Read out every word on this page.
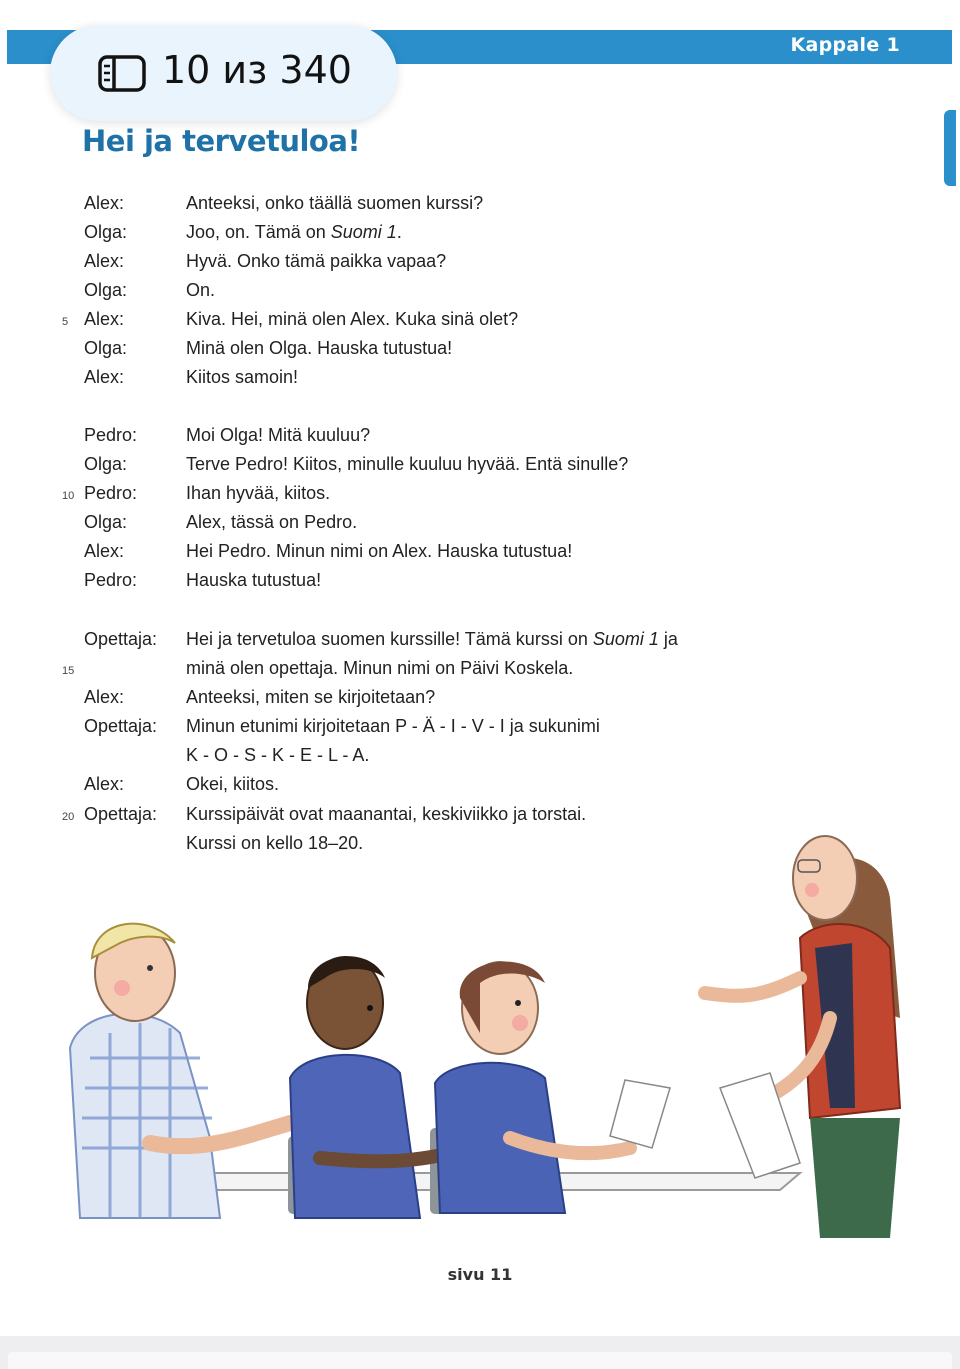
Kappale 1
Hei ja tervetuloa!
Alex:	Anteeksi, onko täällä suomen kurssi?
Olga:	Joo, on. Tämä on Suomi 1.
Alex:	Hyvä. Onko tämä paikka vapaa?
Olga:	On.
5 Alex:	Kiva. Hei, minä olen Alex. Kuka sinä olet?
Olga:	Minä olen Olga. Hauska tutustua!
Alex:	Kiitos samoin!
Pedro:	Moi Olga! Mitä kuuluu?
Olga:	Terve Pedro! Kiitos, minulle kuuluu hyvää. Entä sinulle?
10 Pedro:	Ihan hyvää, kiitos.
Olga:	Alex, tässä on Pedro.
Alex:	Hei Pedro. Minun nimi on Alex. Hauska tutustua!
Pedro:	Hauska tutustua!
Opettaja: Hei ja tervetuloa suomen kurssille! Tämä kurssi on Suomi 1 ja
15	minä olen opettaja. Minun nimi on Päivi Koskela.
Alex:	Anteeksi, miten se kirjoitetaan?
Opettaja: Minun etunimi kirjoitetaan P - Ä - I - V - I ja sukunimi
K - O - S - K - E - L - A.
Alex:	Okei, kiitos.
20 Opettaja: Kurssipäivät ovat maanantai, keskiviikko ja torstai.
Kurssi on kello 18–20.
sivu 11
10 из 340
